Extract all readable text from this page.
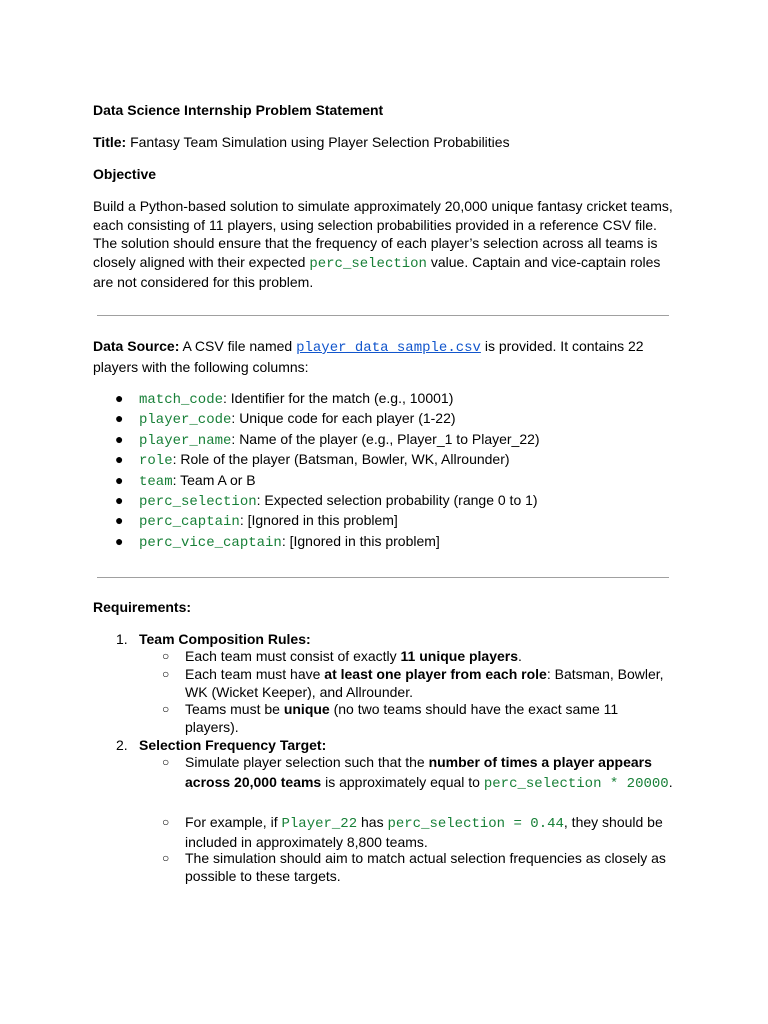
Data Science Internship Problem Statement

Title: Fantasy Team Simulation using Player Selection Probabilities

Objective

Build a Python-based solution to simulate approximately 20,000 unique fantasy cricket teams, each consisting of 11 players, using selection probabilities provided in a reference CSV file. The solution should ensure that the frequency of each player’s selection across all teams is closely aligned with their expected perc_selection value. Captain and vice-captain roles are not considered for this problem.

Data Source: A CSV file named player_data_sample.csv is provided. It contains 22 players with the following columns:

● match_code: Identifier for the match (e.g., 10001)
● player_code: Unique code for each player (1-22)
● player_name: Name of the player (e.g., Player_1 to Player_22)
● role: Role of the player (Batsman, Bowler, WK, Allrounder)
● team: Team A or B
● perc_selection: Expected selection probability (range 0 to 1)
● perc_captain: [Ignored in this problem]
● perc_vice_captain: [Ignored in this problem]

Requirements:

1. Team Composition Rules:
○ Each team must consist of exactly 11 unique players.
○ Each team must have at least one player from each role: Batsman, Bowler, WK (Wicket Keeper), and Allrounder.
○ Teams must be unique (no two teams should have the exact same 11 players).
2. Selection Frequency Target:
○ Simulate player selection such that the number of times a player appears across 20,000 teams is approximately equal to perc_selection * 20000.
○ For example, if Player_22 has perc_selection = 0.44, they should be included in approximately 8,800 teams.
○ The simulation should aim to match actual selection frequencies as closely as possible to these targets.
